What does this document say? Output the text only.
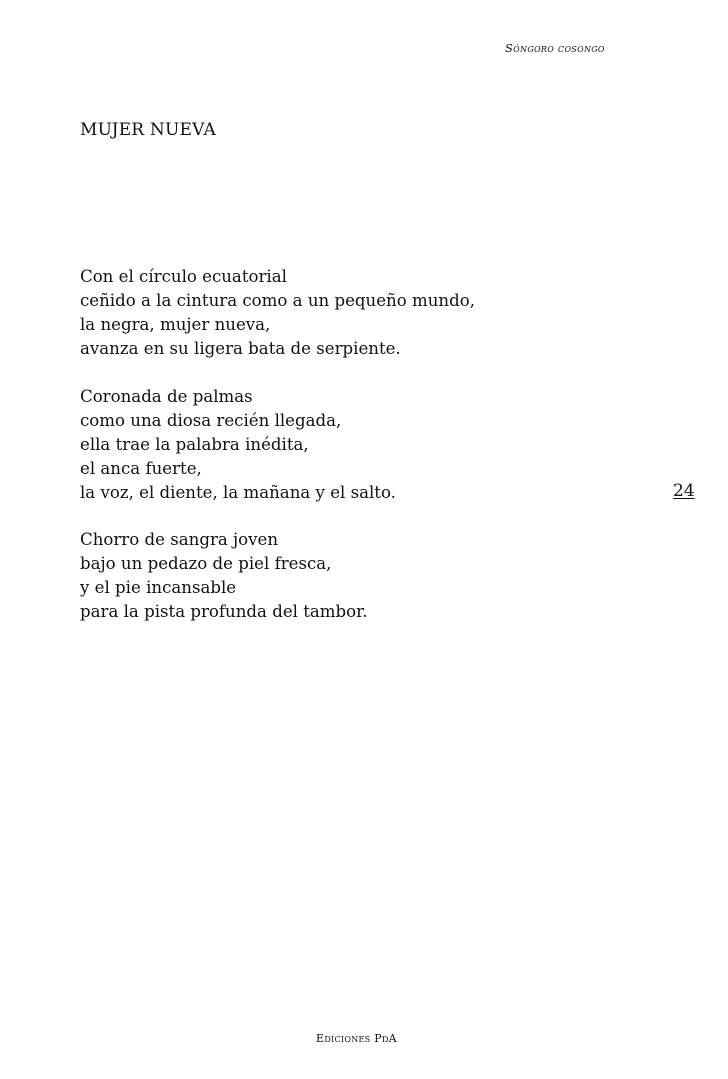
Sóngoro cosongo
MUJER NUEVA

Con el círculo ecuatorial
ceñido a la cintura como a un pequeño mundo,
la negra, mujer nueva,
avanza en su ligera bata de serpiente.

Coronada de palmas
como una diosa recién llegada,
ella trae la palabra inédita,
el anca fuerte,
la voz, el diente, la mañana y el salto.

Chorro de sangra joven
bajo un pedazo de piel fresca,
y el pie incansable
para la pista profunda del tambor.

24
Ediciones PdA
